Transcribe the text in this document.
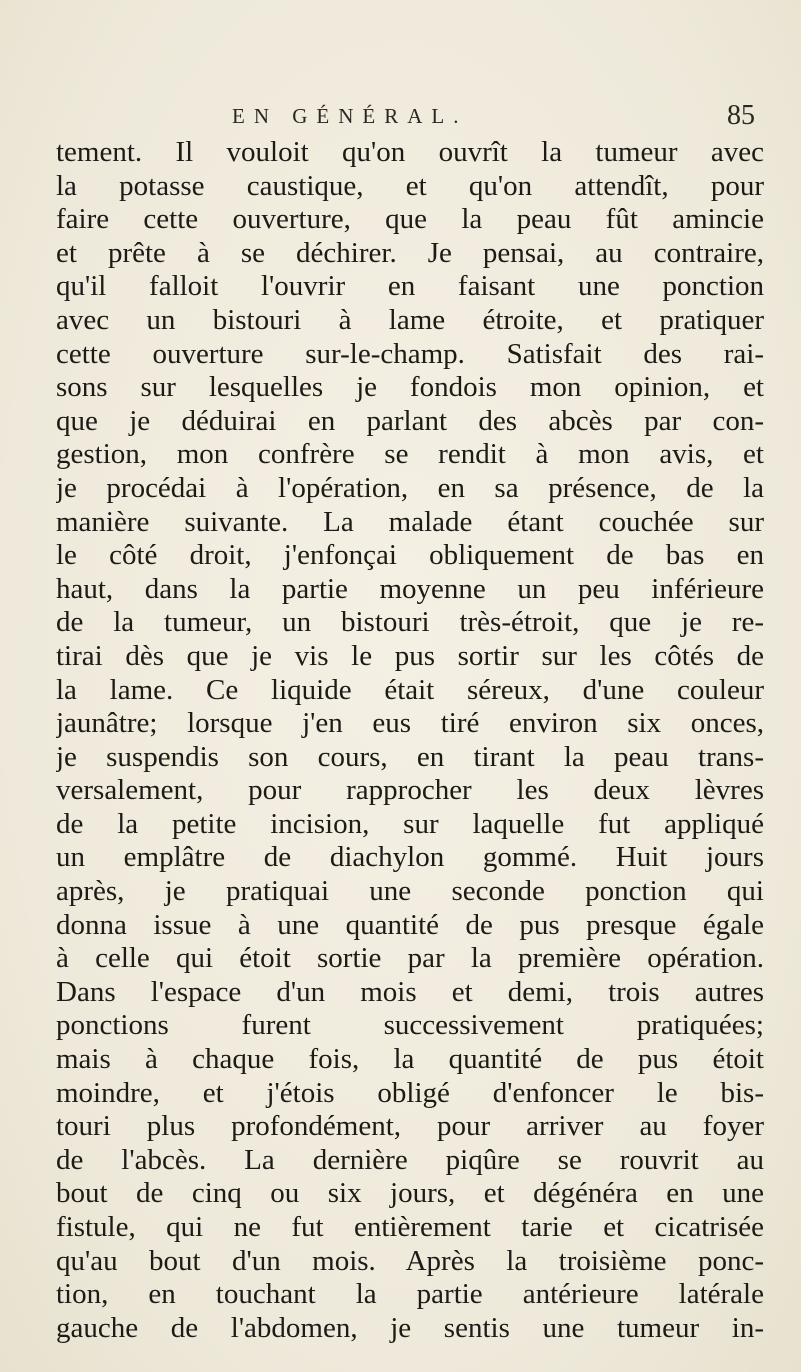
EN GÉNÉRAL.	85
tement. Il vouloit qu'on ouvrît la tumeur avec
la potasse caustique, et qu'on attendît, pour
faire cette ouverture, que la peau fût amincie
et prête à se déchirer. Je pensai, au contraire,
qu'il falloit l'ouvrir en faisant une ponction
avec un bistouri à lame étroite, et pratiquer
cette ouverture sur-le-champ. Satisfait des rai-
sons sur lesquelles je fondois mon opinion, et
que je déduirai en parlant des abcès par con-
gestion, mon confrère se rendit à mon avis, et
je procédai à l'opération, en sa présence, de la
manière suivante. La malade étant couchée sur
le côté droit, j'enfonçai obliquement de bas en
haut, dans la partie moyenne un peu inférieure
de la tumeur, un bistouri très-étroit, que je re-
tirai dès que je vis le pus sortir sur les côtés de
la lame. Ce liquide était séreux, d'une couleur
jaunâtre; lorsque j'en eus tiré environ six onces,
je suspendis son cours, en tirant la peau trans-
versalement, pour rapprocher les deux lèvres
de la petite incision, sur laquelle fut appliqué
un emplâtre de diachylon gommé. Huit jours
après, je pratiquai une seconde ponction qui
donna issue à une quantité de pus presque égale
à celle qui étoit sortie par la première opération.
Dans l'espace d'un mois et demi, trois autres
ponctions furent successivement pratiquées;
mais à chaque fois, la quantité de pus étoit
moindre, et j'étois obligé d'enfoncer le bis-
touri plus profondément, pour arriver au foyer
de l'abcès. La dernière piqûre se rouvrit au
bout de cinq ou six jours, et dégénéra en une
fistule, qui ne fut entièrement tarie et cicatrisée
qu'au bout d'un mois. Après la troisième ponc-
tion, en touchant la partie antérieure latérale
gauche de l'abdomen, je sentis une tumeur in-
